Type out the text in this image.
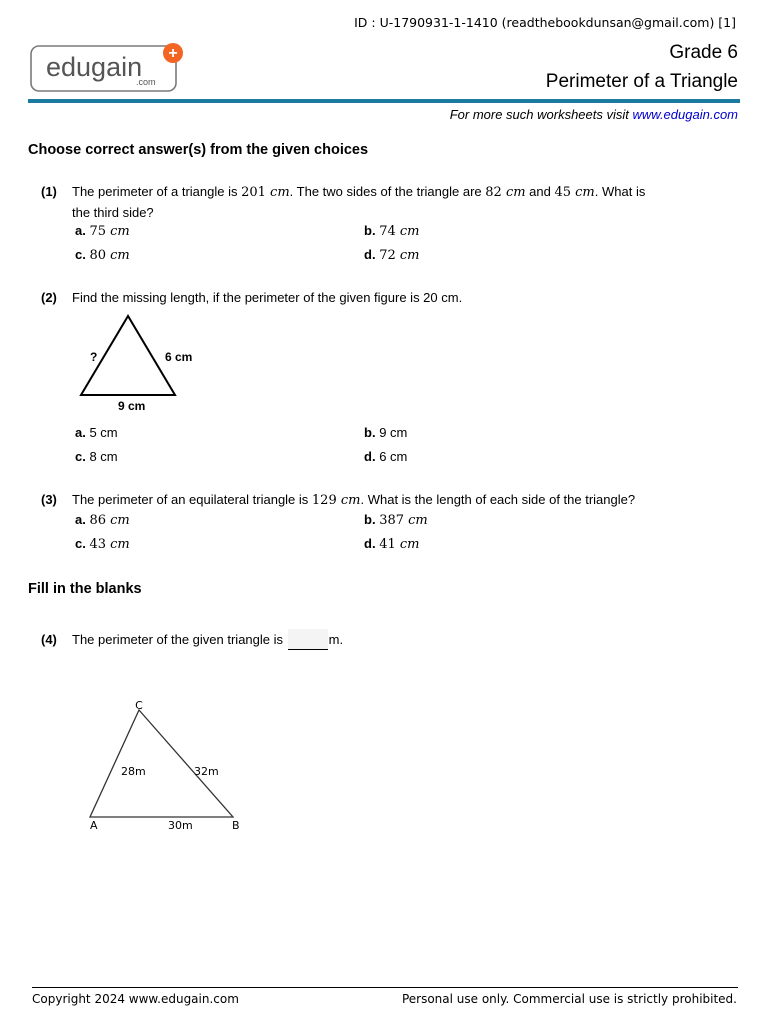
ID : U-1790931-1-1410 (readthebookdunsan@gmail.com) [1]
edugain
.com
+	Grade 6
Perimeter of a Triangle
For more such worksheets visit www.edugain.com
Choose correct answer(s) from the given choices
(1) The perimeter of a triangle is 201 cm. The two sides of the triangle are 82 cm and 45 cm. What is
the third side?
a. 75 cm	b. 74 cm
c. 80 cm	d. 72 cm
(2) Find the missing length, if the perimeter of the given figure is 20 cm.
?	6 cm
9 cm
a. 5 cm	b. 9 cm
c. 8 cm	d. 6 cm
(3) The perimeter of an equilateral triangle is 129 cm. What is the length of each side of the triangle?
a. 86 cm	b. 387 cm
c. 43 cm	d. 41 cm
Fill in the blanks
(4) The perimeter of the given triangle is	m.
C
A	B
28m	32m
30m
Copyright 2024 www.edugain.com	Personal use only. Commercial use is strictly prohibited.
